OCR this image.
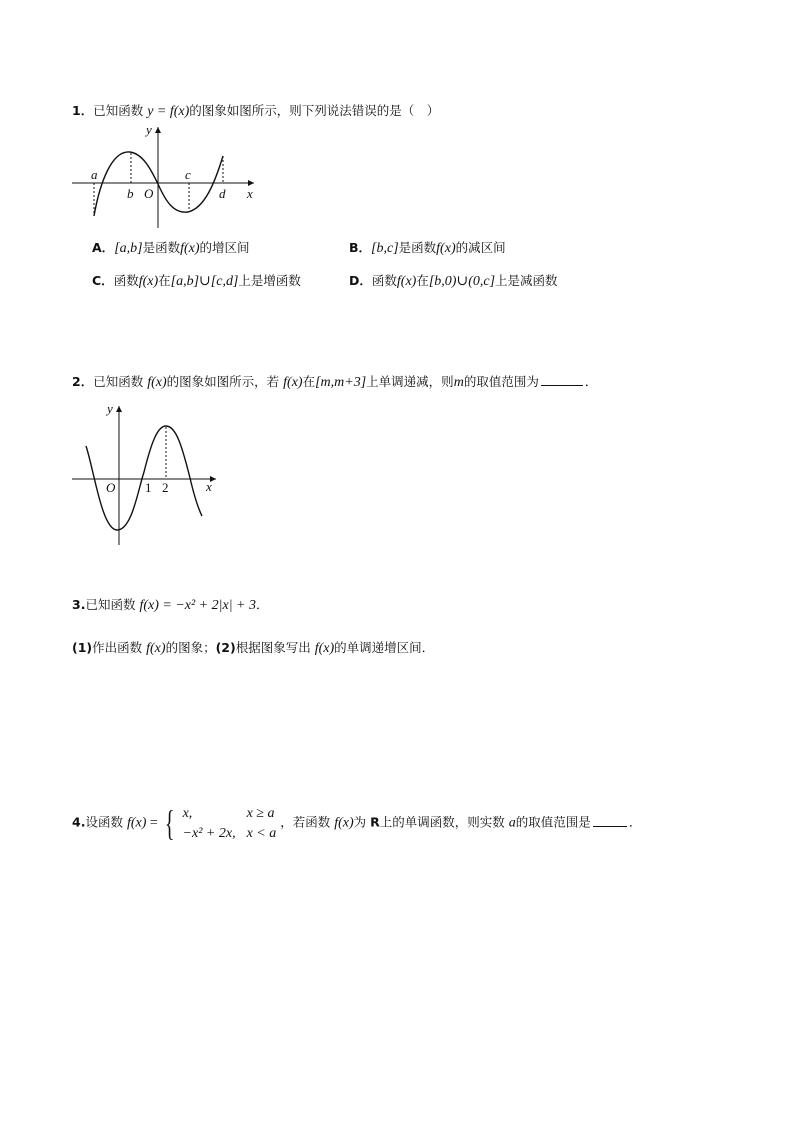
1．已知函数 y = f(x)的图象如图所示，则下列说法错误的是（　）
y
x
O
a
b
c
d
A．[a,b]是函数f(x)的增区间	B．[b,c]是函数f(x)的减区间
C．函数f(x)在[a,b]∪[c,d]上是增函数	D．函数f(x)在[b,0)∪(0,c]上是减函数
2．已知函数 f(x)的图象如图所示，若 f(x)在[m,m+3]上单调递减，则m的取值范围为	．
y
x
O 1 2
3.已知函数 f(x) = −x² + 2|x| + 3．
(1)作出函数 f(x)的图象；(2)根据图象写出 f(x)的单调递增区间．
4.设函数 f(x) = { x,	x ≥ a
−x² + 2x, x < a
，若函数 f(x)为 R上的单调函数，则实数 a的取值范围是	．
